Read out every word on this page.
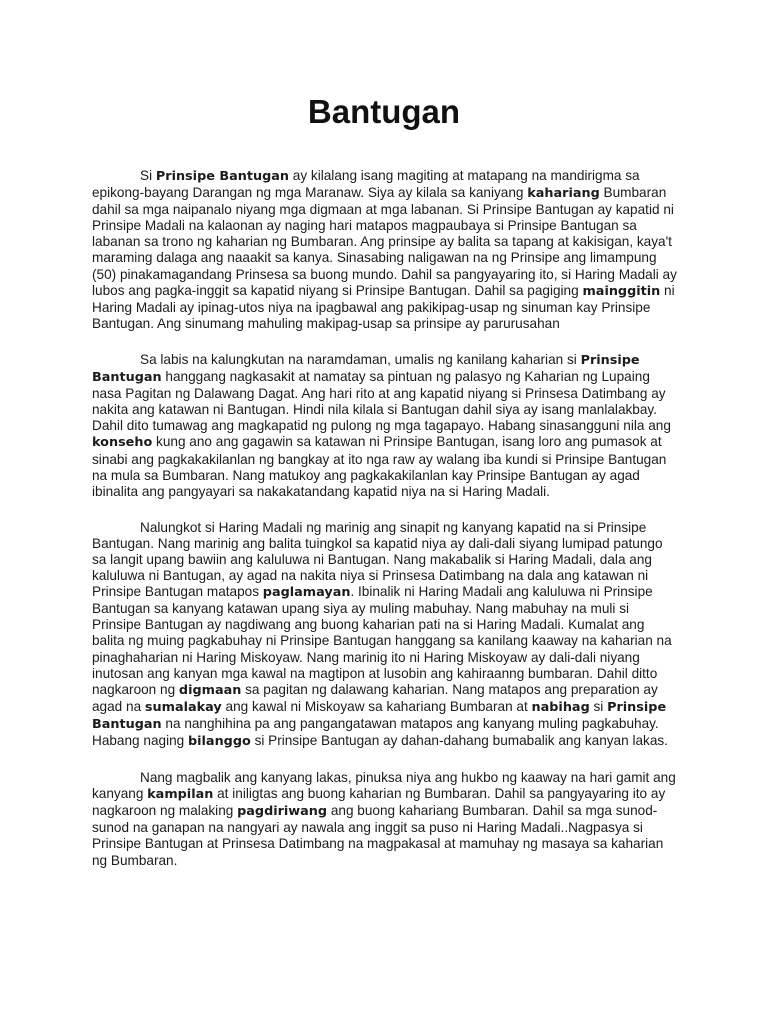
Bantugan

Si Prinsipe Bantugan ay kilalang isang magiting at matapang na mandirigma sa epikong-bayang Darangan ng mga Maranaw. Siya ay kilala sa kaniyang kahariang Bumbaran dahil sa mga naipanalo niyang mga digmaan at mga labanan. Si Prinsipe Bantugan ay kapatid ni Prinsipe Madali na kalaonan ay naging hari matapos magpaubaya si Prinsipe Bantugan sa labanan sa trono ng kaharian ng Bumbaran. Ang prinsipe ay balita sa tapang at kakisigan, kaya't maraming dalaga ang naaakit sa kanya. Sinasabing naligawan na ng Prinsipe ang limampung (50) pinakamagandang Prinsesa sa buong mundo. Dahil sa pangyayaring ito, si Haring Madali ay lubos ang pagka-inggit sa kapatid niyang si Prinsipe Bantugan. Dahil sa pagiging mainggitin ni Haring Madali ay ipinag-utos niya na ipagbawal ang pakikipag-usap ng sinuman kay Prinsipe Bantugan. Ang sinumang mahuling makipag-usap sa prinsipe ay parurusahan

Sa labis na kalungkutan na naramdaman, umalis ng kanilang kaharian si Prinsipe Bantugan hanggang nagkasakit at namatay sa pintuan ng palasyo ng Kaharian ng Lupaing nasa Pagitan ng Dalawang Dagat. Ang hari rito at ang kapatid niyang si Prinsesa Datimbang ay nakita ang katawan ni Bantugan. Hindi nila kilala si Bantugan dahil siya ay isang manlalakbay. Dahil dito tumawag ang magkapatid ng pulong ng mga tagapayo. Habang sinasangguni nila ang konseho kung ano ang gagawin sa katawan ni Prinsipe Bantugan, isang loro ang pumasok at sinabi ang pagkakakilanlan ng bangkay at ito nga raw ay walang iba kundi si Prinsipe Bantugan na mula sa Bumbaran. Nang matukoy ang pagkakakilanlan kay Prinsipe Bantugan ay agad ibinalita ang pangyayari sa nakakatandang kapatid niya na si Haring Madali.

Nalungkot si Haring Madali ng marinig ang sinapit ng kanyang kapatid na si Prinsipe Bantugan. Nang marinig ang balita tuingkol sa kapatid niya ay dali-dali siyang lumipad patungo sa langit upang bawiin ang kaluluwa ni Bantugan. Nang makabalik si Haring Madali, dala ang kaluluwa ni Bantugan, ay agad na nakita niya si Prinsesa Datimbang na dala ang katawan ni Prinsipe Bantugan matapos paglamayan. Ibinalik ni Haring Madali ang kaluluwa ni Prinsipe Bantugan sa kanyang katawan upang siya ay muling mabuhay. Nang mabuhay na muli si Prinsipe Bantugan ay nagdiwang ang buong kaharian pati na si Haring Madali. Kumalat ang balita ng muing pagkabuhay ni Prinsipe Bantugan hanggang sa kanilang kaaway na kaharian na pinaghaharian ni Haring Miskoyaw. Nang marinig ito ni Haring Miskoyaw ay dali-dali niyang inutosan ang kanyan mga kawal na magtipon at lusobin ang kahiraanng bumbaran. Dahil ditto nagkaroon ng digmaan sa pagitan ng dalawang kaharian. Nang matapos ang preparation ay agad na sumalakay ang kawal ni Miskoyaw sa kahariang Bumbaran at nabihag si Prinsipe Bantugan na nanghihina pa ang pangangatawan matapos ang kanyang muling pagkabuhay. Habang naging bilanggo si Prinsipe Bantugan ay dahan-dahang bumabalik ang kanyan lakas.

Nang magbalik ang kanyang lakas, pinuksa niya ang hukbo ng kaaway na hari gamit ang kanyang kampilan at iniligtas ang buong kaharian ng Bumbaran. Dahil sa pangyayaring ito ay nagkaroon ng malaking pagdiriwang ang buong kahariang Bumbaran. Dahil sa mga sunod-sunod na ganapan na nangyari ay nawala ang inggit sa puso ni Haring Madali..Nagpasya si Prinsipe Bantugan at Prinsesa Datimbang na magpakasal at mamuhay ng masaya sa kaharian ng Bumbaran.
